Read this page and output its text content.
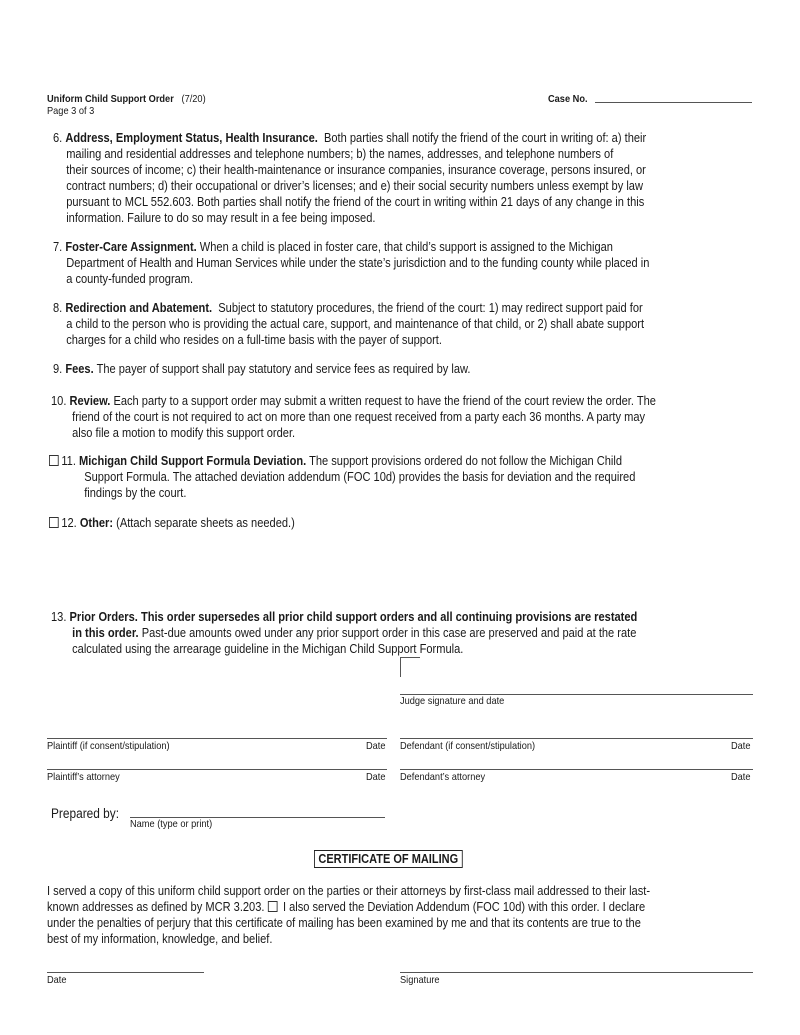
Uniform Child Support Order (7/20)
Page 3 of 3
Case No.
6. Address, Employment Status, Health Insurance.  Both parties shall notify the friend of the court in writing of: a) their
mailing and residential addresses and telephone numbers; b) the names, addresses, and telephone numbers of
their sources of income; c) their health-maintenance or insurance companies, insurance coverage, persons insured, or
contract numbers; d) their occupational or driver’s licenses; and e) their social security numbers unless exempt by law
pursuant to MCL 552.603. Both parties shall notify the friend of the court in writing within 21 days of any change in this
information. Failure to do so may result in a fee being imposed.
7. Foster-Care Assignment. When a child is placed in foster care, that child’s support is assigned to the Michigan
Department of Health and Human Services while under the state’s jurisdiction and to the funding county while placed in
a county-funded program.
8. Redirection and Abatement.  Subject to statutory procedures, the friend of the court: 1) may redirect support paid for
a child to the person who is providing the actual care, support, and maintenance of that child, or 2) shall abate support
charges for a child who resides on a full-time basis with the payer of support.
9. Fees. The payer of support shall pay statutory and service fees as required by law.
10. Review. Each party to a support order may submit a written request to have the friend of the court review the order. The
friend of the court is not required to act on more than one request received from a party each 36 months. A party may
also file a motion to modify this support order.
11. Michigan Child Support Formula Deviation. The support provisions ordered do not follow the Michigan Child
Support Formula. The attached deviation addendum (FOC 10d) provides the basis for deviation and the required
findings by the court.
12. Other: (Attach separate sheets as needed.)
13. Prior Orders. This order supersedes all prior child support orders and all continuing provisions are restated
in this order. Past-due amounts owed under any prior support order in this case are preserved and paid at the rate
calculated using the arrearage guideline in the Michigan Child Support Formula.
Judge signature and date
Plaintiff (if consent/stipulation)	Date Defendant (if consent/stipulation)	Date
Plaintiff’s attorney	Date Defendant’s attorney	Date
Prepared by:
Name (type or print)
CERTIFICATE OF MAILING
I served a copy of this uniform child support order on the parties or their attorneys by first-class mail addressed to their last-
known addresses as defined by MCR 3.203.  I also served the Deviation Addendum (FOC 10d) with this order. I declare
under the penalties of perjury that this certificate of mailing has been examined by me and that its contents are true to the
best of my information, knowledge, and belief.
Date	Signature
